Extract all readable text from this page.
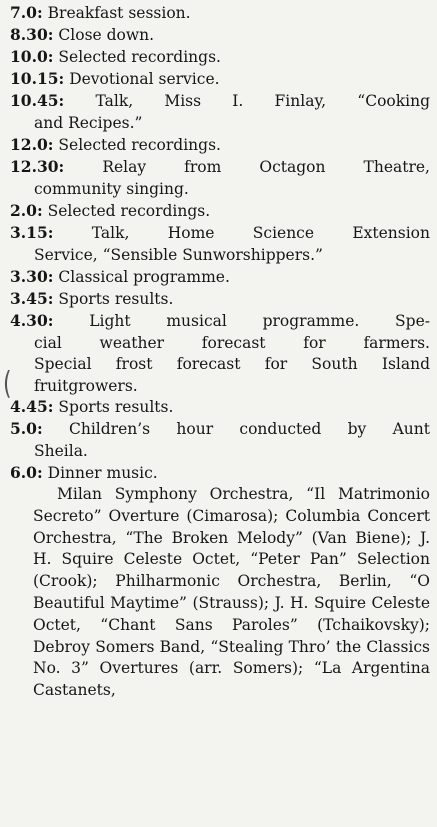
7.0: Breakfast session.
8.30: Close down.
10.0: Selected recordings.
10.15: Devotional service.
10.45: Talk, Miss I. Finlay, “Cooking
and Recipes.”
12.0: Selected recordings.
12.30: Relay from Octagon Theatre,
community singing.
2.0: Selected recordings.
3.15: Talk, Home Science Extension
Service, “Sensible Sunworshippers.”
3.30: Classical programme.
3.45: Sports results.
4.30: Light musical programme. Spe-
cial weather forecast for farmers.
Special frost forecast for South Island
fruitgrowers.
4.45: Sports results.
5.0: Children’s hour conducted by Aunt
Sheila.
6.0: Dinner music.
(
Milan Symphony Orchestra, “Il Matrimonio Secreto” Overture (Cimarosa); Columbia Concert Orchestra, “The Broken Melody” (Van Biene); J. H. Squire Celeste Octet, “Peter Pan” Selection (Crook); Philharmonic Orchestra, Berlin, “O Beautiful Maytime” (Strauss); J. H. Squire Celeste Octet, “Chant Sans Paroles” (Tchaikovsky); Debroy Somers Band, “Stealing Thro’ the Classics No. 3” Overtures (arr. Somers); “La Argentina Castanets,
